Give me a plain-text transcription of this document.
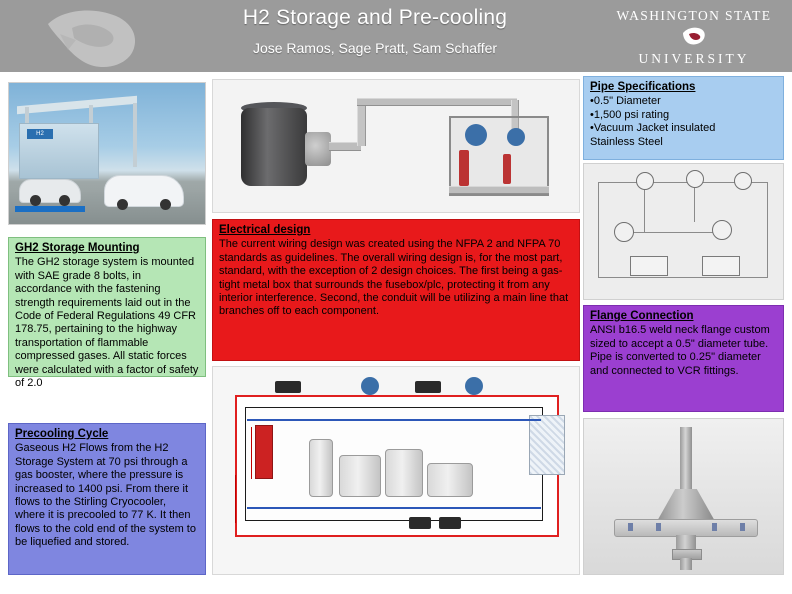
H2 Storage and Pre-cooling
Jose Ramos, Sage Pratt, Sam Schaffer
WASHINGTON STATE
UNIVERSITY
H2
GH2 Storage Mounting

The GH2 storage system is mounted with SAE grade 8 bolts, in accordance with the fastening strength requirements laid out in the Code of Federal Regulations 49 CFR 178.75, pertaining to the highway transportation of flammable compressed gases. All static forces were calculated with a factor of safety of 2.0

Precooling Cycle

Gaseous H2 Flows from the H2 Storage System at 70 psi through a gas booster, where the pressure is increased to 1400 psi. From there it flows to the Stirling Cryocooler, where it is precooled to 77 K. It then flows to the cold end of the system to be liquefied and stored.

Electrical design

The current wiring design was created using the NFPA 2 and NFPA 70 standards as guidelines. The overall wiring design is, for the most part, standard, with the exception of 2 design choices. The first being a gas-tight metal box that surrounds the fusebox/plc, protecting it from any interior interference. Second, the conduit will be utilizing a main line that branches off to each component.

Pipe Specifications
•0.5" Diameter
•1,500 psi rating
•Vacuum Jacket insulated

Stainless Steel

Flange Connection

ANSI b16.5 weld neck flange custom sized to accept a 0.5" diameter tube. Pipe is converted to 0.25" diameter and connected to VCR fittings.
